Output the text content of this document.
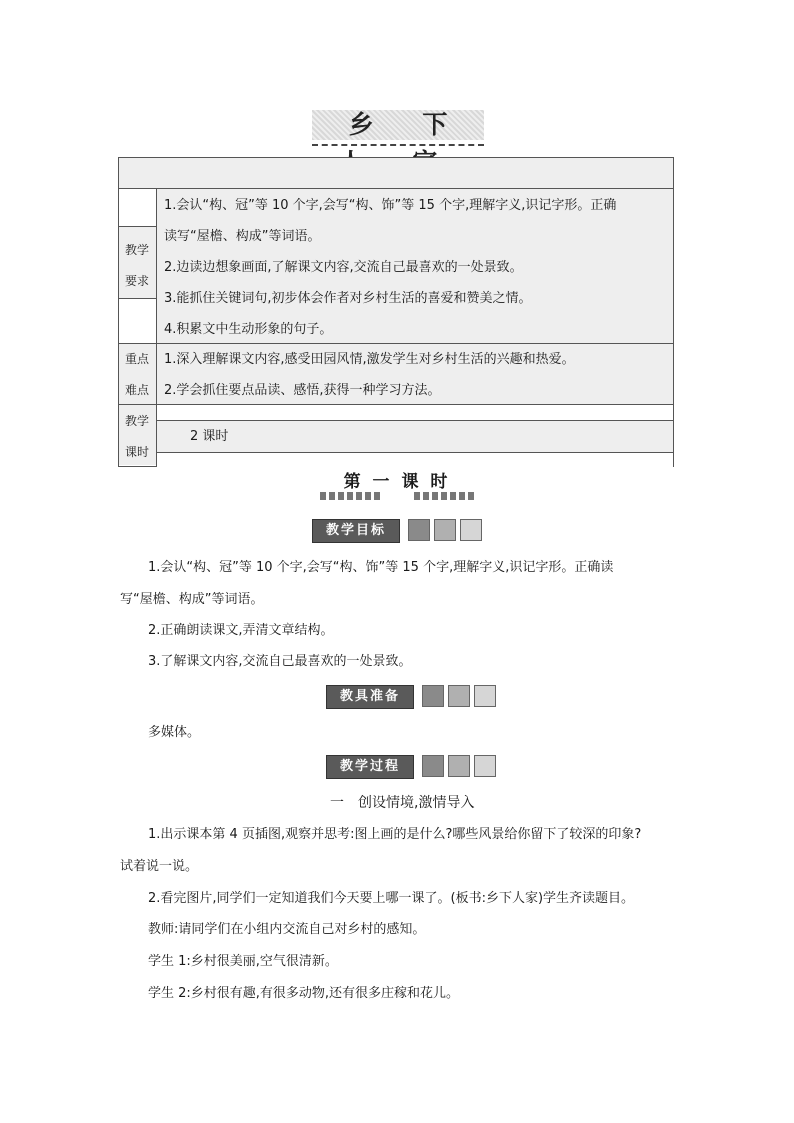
乡 下
教学
要求
重点
难点
教学
课时
1.会认“构、冠”等 10 个字,会写“构、饰”等 15 个字,理解字义,识记字形。正确
读写“屋檐、构成”等词语。
2.边读边想象画面,了解课文内容,交流自己最喜欢的一处景致。
3.能抓住关键词句,初步体会作者对乡村生活的喜爱和赞美之情。
4.积累文中生动形象的句子。
1.深入理解课文内容,感受田园风情,激发学生对乡村生活的兴趣和热爱。
2.学会抓住要点品读、感悟,获得一种学习方法。
2 课时
第 一 课 时
教学目标
1.会认“构、冠”等 10 个字,会写“构、饰”等 15 个字,理解字义,识记字形。正确读
写“屋檐、构成”等词语。
2.正确朗读课文,弄清文章结构。
3.了解课文内容,交流自己最喜欢的一处景致。
教具准备
多媒体。
教学过程
一　创设情境,激情导入
1.出示课本第 4 页插图,观察并思考:图上画的是什么?哪些风景给你留下了较深的印象?
试着说一说。
2.看完图片,同学们一定知道我们今天要上哪一课了。(板书:乡下人家)学生齐读题目。
教师:请同学们在小组内交流自己对乡村的感知。
学生 1:乡村很美丽,空气很清新。
学生 2:乡村很有趣,有很多动物,还有很多庄稼和花儿。
